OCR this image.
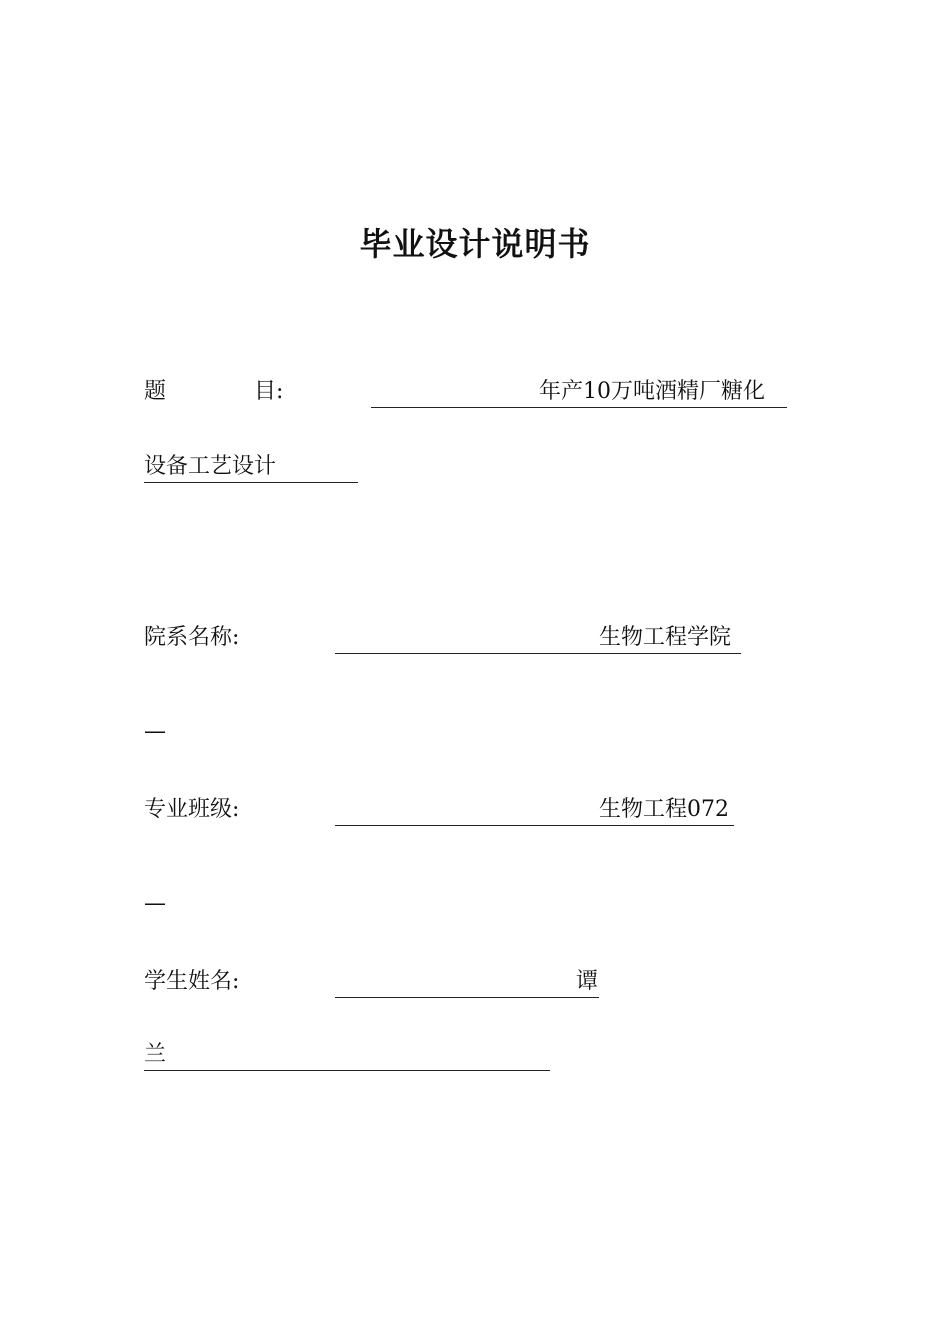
毕业设计说明书
题	目:	年产10万吨酒精厂糖化
设备工艺设计
院系名称:	生物工程学院
—
专业班级:	生物工程072
—
学生姓名:	谭
兰
